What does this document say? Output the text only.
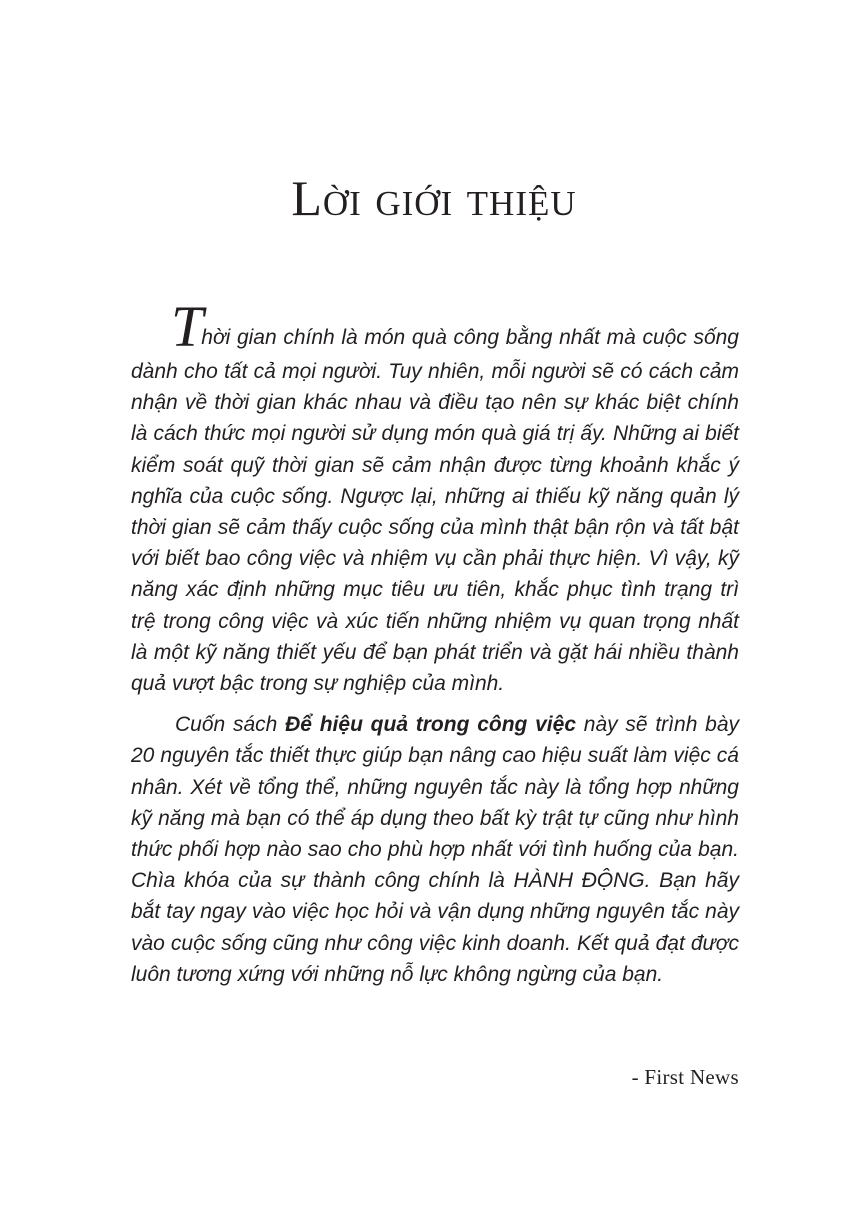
Lời giới thiệu

Thời gian chính là món quà công bằng nhất mà cuộc sống dành cho tất cả mọi người. Tuy nhiên, mỗi người sẽ có cách cảm nhận về thời gian khác nhau và điều tạo nên sự khác biệt chính là cách thức mọi người sử dụng món quà giá trị ấy. Những ai biết kiểm soát quỹ thời gian sẽ cảm nhận được từng khoảnh khắc ý nghĩa của cuộc sống. Ngược lại, những ai thiếu kỹ năng quản lý thời gian sẽ cảm thấy cuộc sống của mình thật bận rộn và tất bật với biết bao công việc và nhiệm vụ cần phải thực hiện. Vì vậy, kỹ năng xác định những mục tiêu ưu tiên, khắc phục tình trạng trì trệ trong công việc và xúc tiến những nhiệm vụ quan trọng nhất là một kỹ năng thiết yếu để bạn phát triển và gặt hái nhiều thành quả vượt bậc trong sự nghiệp của mình.

Cuốn sách Để hiệu quả trong công việc này sẽ trình bày 20 nguyên tắc thiết thực giúp bạn nâng cao hiệu suất làm việc cá nhân. Xét về tổng thể, những nguyên tắc này là tổng hợp những kỹ năng mà bạn có thể áp dụng theo bất kỳ trật tự cũng như hình thức phối hợp nào sao cho phù hợp nhất với tình huống của bạn. Chìa khóa của sự thành công chính là HÀNH ĐỘNG. Bạn hãy bắt tay ngay vào việc học hỏi và vận dụng những nguyên tắc này vào cuộc sống cũng như công việc kinh doanh. Kết quả đạt được luôn tương xứng với những nỗ lực không ngừng của bạn.

- First News
